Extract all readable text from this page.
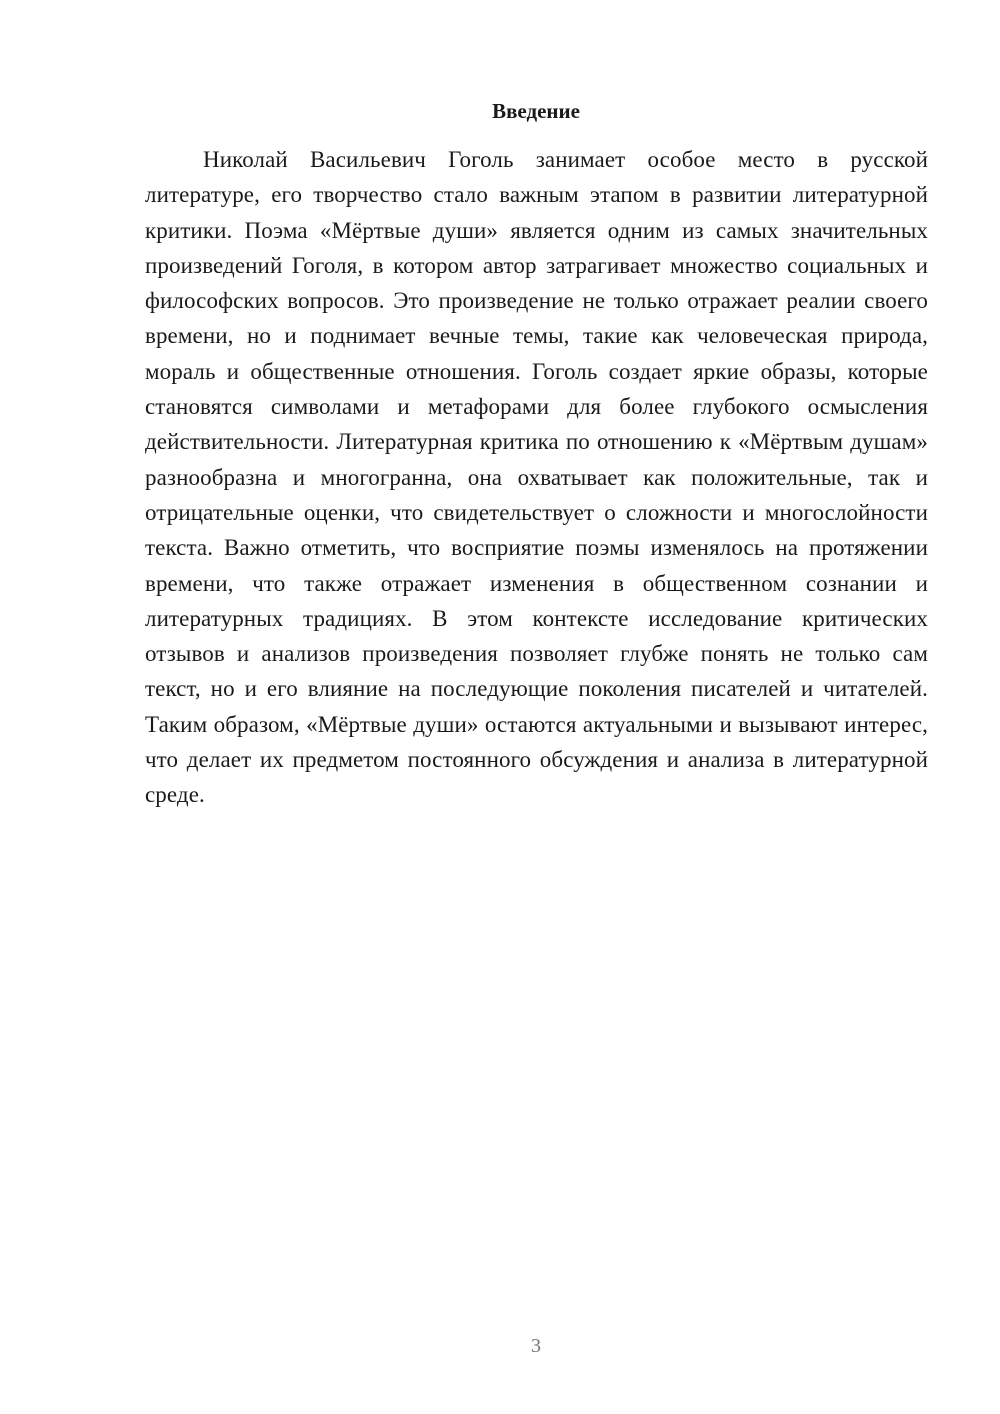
Введение

Николай Васильевич Гоголь занимает особое место в русской литературе, его творчество стало важным этапом в развитии литературной критики. Поэма «Мёртвые души» является одним из самых значительных произведений Гоголя, в котором автор затрагивает множество социальных и философских вопросов. Это произведение не только отражает реалии своего времени, но и поднимает вечные темы, такие как человеческая природа, мораль и общественные отношения. Гоголь создает яркие образы, которые становятся символами и метафорами для более глубокого осмысления действительности. Литературная критика по отношению к «Мёртвым душам» разнообразна и многогранна, она охватывает как положительные, так и отрицательные оценки, что свидетельствует о сложности и многослойности текста. Важно отметить, что восприятие поэмы изменялось на протяжении времени, что также отражает изменения в общественном сознании и литературных традициях. В этом контексте исследование критических отзывов и анализов произведения позволяет глубже понять не только сам текст, но и его влияние на последующие поколения писателей и читателей. Таким образом, «Мёртвые души» остаются актуальными и вызывают интерес, что делает их предметом постоянного обсуждения и анализа в литературной среде.

3
